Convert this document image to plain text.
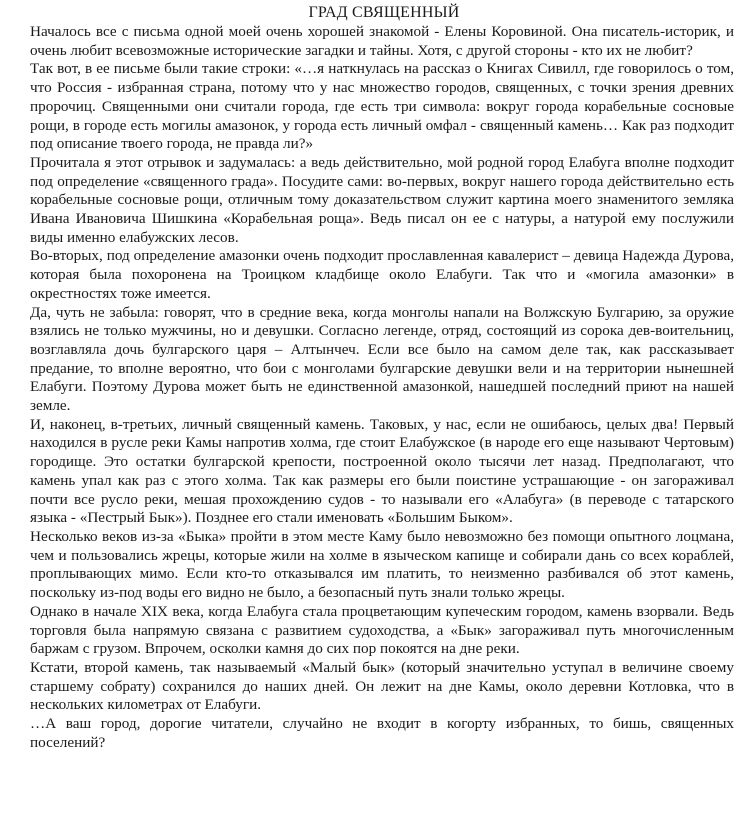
ГРАД СВЯЩЕННЫЙ

Началось все с письма одной моей очень хорошей знакомой - Елены Коровиной. Она писатель-историк, и очень любит всевозможные исторические загадки и тайны. Хотя, с другой стороны - кто их не любит?

Так вот, в ее письме были такие строки: «…я наткнулась на рассказ о Книгах Сивилл, где говорилось о том, что Россия - избранная страна, потому что у нас множество городов, священных, с точки зрения древних пророчиц. Священными они считали города, где есть три символа: вокруг города корабельные сосновые рощи, в городе есть могилы амазонок, у города есть личный омфал - священный камень… Как раз подходит под описание твоего города, не правда ли?»

Прочитала я этот отрывок и задумалась: а ведь действительно, мой родной город Елабуга вполне подходит под определение «священного града». Посудите сами: во-первых, вокруг нашего города действительно есть корабельные сосновые рощи, отличным тому доказательством служит картина моего знаменитого земляка Ивана Ивановича Шишкина «Корабельная роща». Ведь писал он ее с натуры, а натурой ему послужили виды именно елабужских лесов.

Во-вторых, под определение амазонки очень подходит прославленная кавалерист – девица Надежда Дурова, которая была похоронена на Троицком кладбище около Елабуги. Так что и «могила амазонки» в окрестностях тоже имеется.

Да, чуть не забыла: говорят, что в средние века, когда монголы напали на Волжскую Булгарию, за оружие взялись не только мужчины, но и девушки. Согласно легенде, отряд, состоящий из сорока дев-воительниц, возглавляла дочь булгарского царя – Алтынчеч. Если все было на самом деле так, как рассказывает предание, то вполне вероятно, что бои с монголами булгарские девушки вели и на территории нынешней Елабуги. Поэтому Дурова может быть не единственной амазонкой, нашедшей последний приют на нашей земле.

И, наконец, в-третьих, личный священный камень. Таковых, у нас, если не ошибаюсь, целых два! Первый находился в русле реки Камы напротив холма, где стоит Елабужское (в народе его еще называют Чертовым) городище. Это остатки булгарской крепости, построенной около тысячи лет назад. Предполагают, что камень упал как раз с этого холма. Так как размеры его были поистине устрашающие - он загораживал почти все русло реки, мешая прохождению судов - то называли его «Алабуга» (в переводе с татарского языка - «Пестрый Бык»). Позднее его стали именовать «Большим Быком».

Несколько веков из-за «Быка» пройти в этом месте Каму было невозможно без помощи опытного лоцмана, чем и пользовались жрецы, которые жили на холме в языческом капище и собирали дань со всех кораблей, проплывающих мимо. Если кто-то отказывался им платить, то неизменно разбивался об этот камень, поскольку из-под воды его видно не было, а безопасный путь знали только жрецы.

Однако в начале XIX века, когда Елабуга стала процветающим купеческим городом, камень взорвали. Ведь торговля была напрямую связана с развитием судоходства, а «Бык» загораживал путь многочисленным баржам с грузом. Впрочем, осколки камня до сих пор покоятся на дне реки.

Кстати, второй камень, так называемый «Малый бык» (который значительно уступал в величине своему старшему собрату) сохранился до наших дней. Он лежит на дне Камы, около деревни Котловка, что в нескольких километрах от Елабуги.

…А ваш город, дорогие читатели, случайно не входит в когорту избранных, то бишь, священных поселений?
